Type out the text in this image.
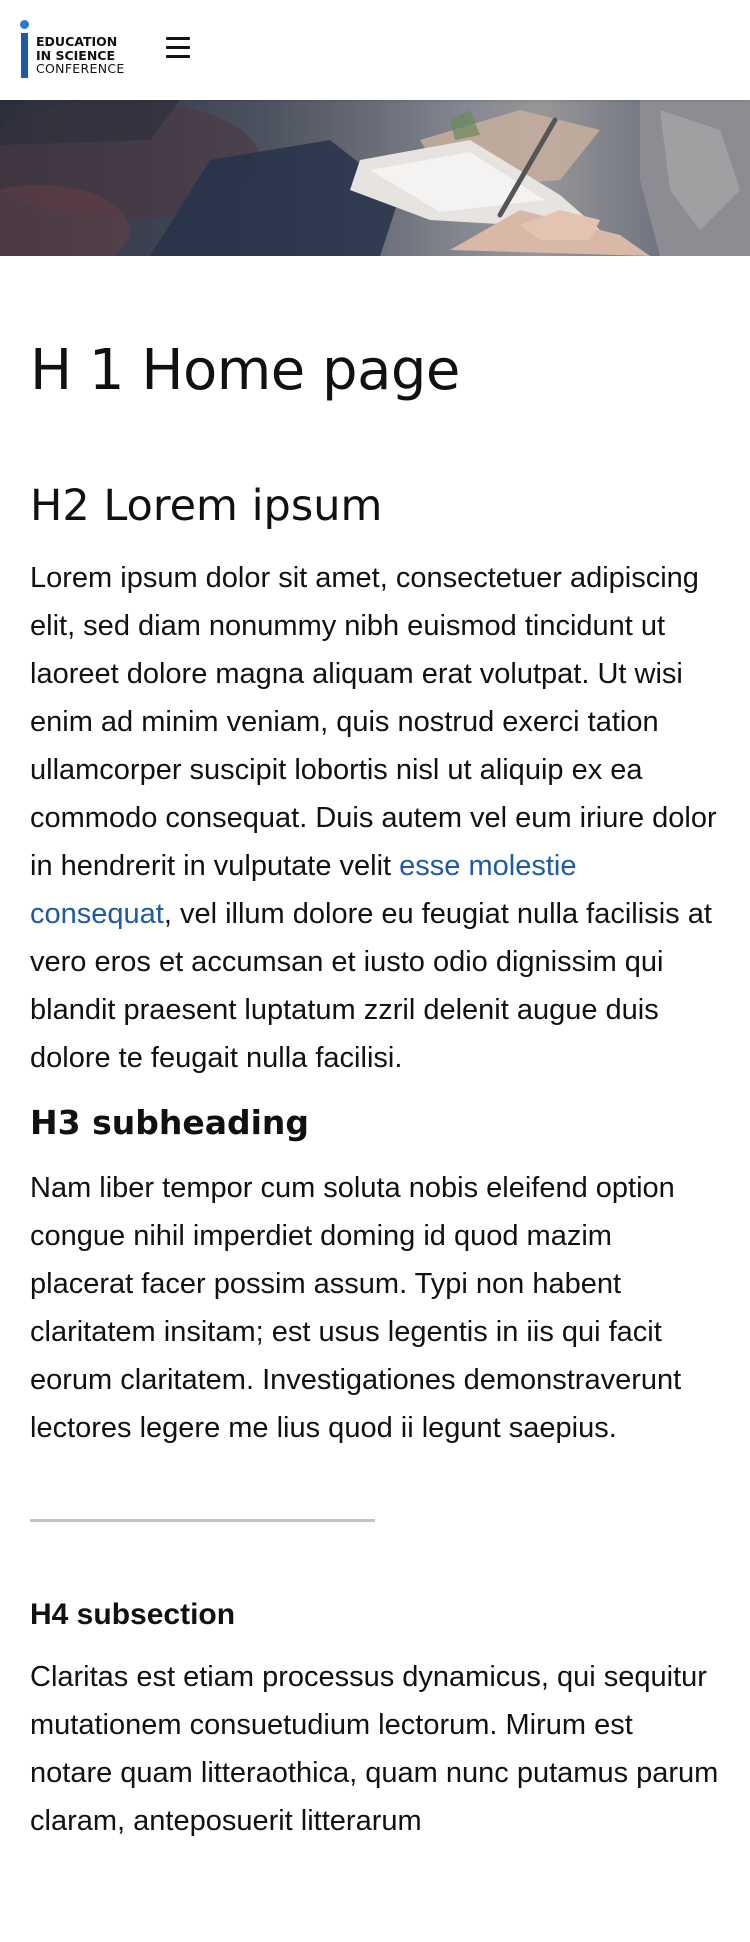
EDUCATION
IN SCIENCE
CONFERENCE
H 1 Home page
H2 Lorem ipsum

Lorem ipsum dolor sit amet, consectetuer adipiscing elit, sed diam nonummy nibh euismod tincidunt ut laoreet dolore magna aliquam erat volutpat. Ut wisi enim ad minim veniam, quis nostrud exerci tation ullamcorper suscipit lobortis nisl ut aliquip ex ea commodo consequat. Duis autem vel eum iriure dolor in hendrerit in vulputate velit esse molestie consequat, vel illum dolore eu feugiat nulla facilisis at vero eros et accumsan et iusto odio dignissim qui blandit praesent luptatum zzril delenit augue duis dolore te feugait nulla facilisi.

H3 subheading

Nam liber tempor cum soluta nobis eleifend option congue nihil imperdiet doming id quod mazim placerat facer possim assum. Typi non habent claritatem insitam; est usus legentis in iis qui facit eorum claritatem. Investigationes demonstraverunt lectores legere me lius quod ii legunt saepius.

H4 subsection

Claritas est etiam processus dynamicus, qui sequitur mutationem consuetudium lectorum. Mirum est notare quam litteraothica, quam nunc putamus parum claram, anteposuerit litterarum
